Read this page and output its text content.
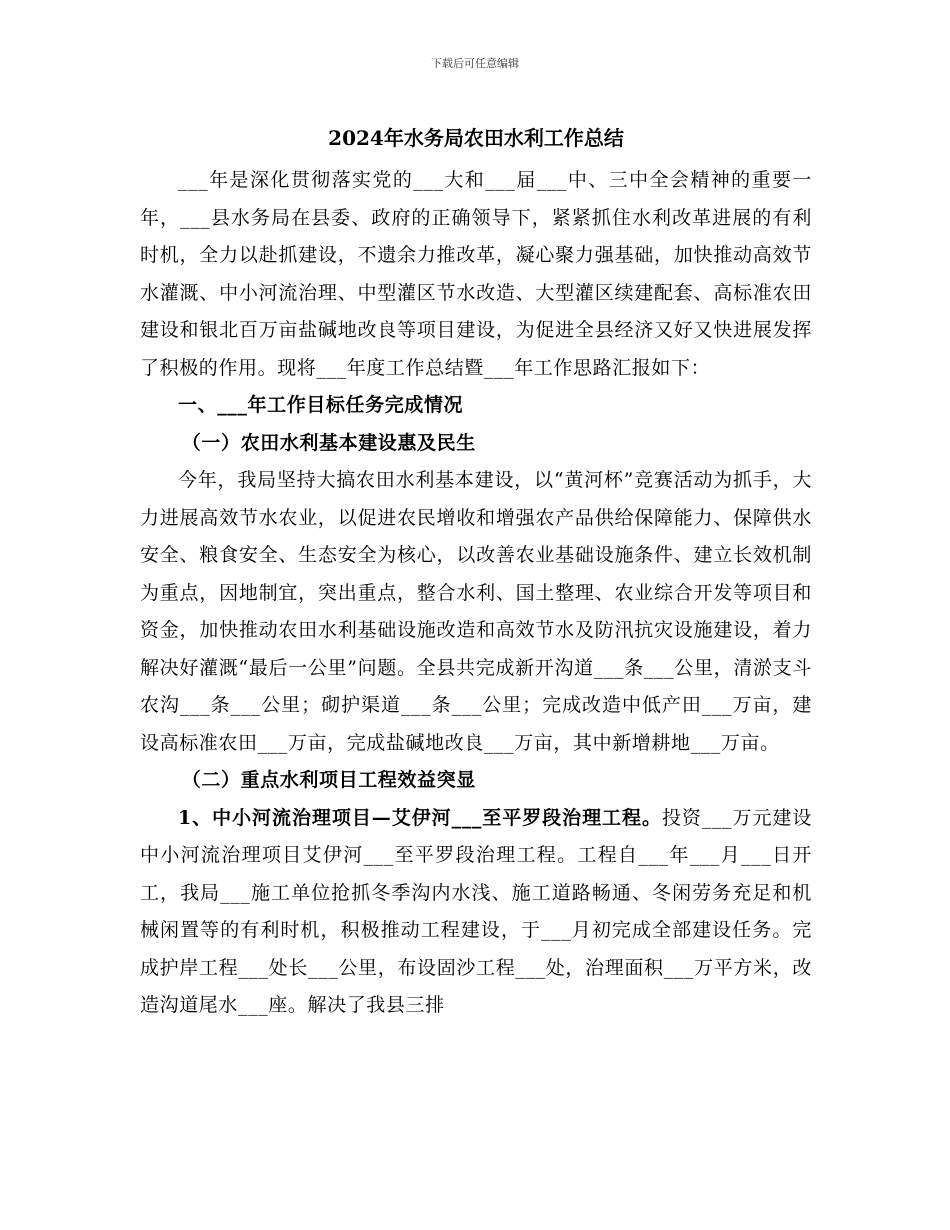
下载后可任意编辑
2024年水务局农田水利工作总结

___年是深化贯彻落实党的___大和___届___中、三中全会精神的重要一年，___县水务局在县委、政府的正确领导下，紧紧抓住水利改革进展的有利时机，全力以赴抓建设，不遗余力推改革，凝心聚力强基础，加快推动高效节水灌溉、中小河流治理、中型灌区节水改造、大型灌区续建配套、高标准农田建设和银北百万亩盐碱地改良等项目建设，为促进全县经济又好又快进展发挥了积极的作用。现将___年度工作总结暨___年工作思路汇报如下：

一、___年工作目标任务完成情况

（一）农田水利基本建设惠及民生

今年，我局坚持大搞农田水利基本建设，以“黄河杯”竞赛活动为抓手，大力进展高效节水农业，以促进农民增收和增强农产品供给保障能力、保障供水安全、粮食安全、生态安全为核心，以改善农业基础设施条件、建立长效机制为重点，因地制宜，突出重点，整合水利、国土整理、农业综合开发等项目和资金，加快推动农田水利基础设施改造和高效节水及防汛抗灾设施建设，着力解决好灌溉“最后一公里”问题。全县共完成新开沟道___条___公里，清淤支斗农沟___条___公里；砌护渠道___条___公里；完成改造中低产田___万亩，建设高标准农田___万亩，完成盐碱地改良___万亩，其中新增耕地___万亩。

（二）重点水利项目工程效益突显

1、中小河流治理项目—艾伊河___至平罗段治理工程。投资___万元建设中小河流治理项目艾伊河___至平罗段治理工程。工程自___年___月___日开工，我局___施工单位抢抓冬季沟内水浅、施工道路畅通、冬闲劳务充足和机械闲置等的有利时机，积极推动工程建设，于___月初完成全部建设任务。完成护岸工程___处长___公里，布设固沙工程___处，治理面积___万平方米，改造沟道尾水___座。解决了我县三排
